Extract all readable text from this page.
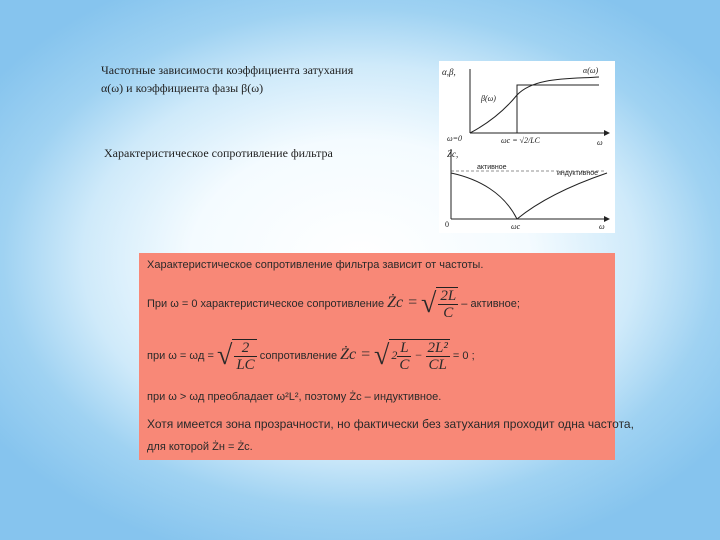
Частотные зависимости коэффициента затухания
α(ω) и коэффициента фазы β(ω)
Характеристическое сопротивление фильтра
α,β,	α(ω)
β(ω)
ω=0	ωc = √2/LC	ω
Zc,
активное
индуктивное
0	ωc	ω
Характеристическое сопротивление фильтра зависит от частоты.
При ω = 0 характеристическое сопротивление Żc = √ $\frac{2L}{C}$ – активное;
при ω = ωд = √ $\frac{2}{LC}$ сопротивление Żc = √ $2 \frac{L}{C} - \frac{\text{2L²}}{CL} = 0$ ;
при ω > ωд преобладает ω²L², поэтому Żc – индуктивное.
Хотя имеется зона прозрачности, но фактически без затухания проходит одна частота,
для которой Żн = Żc.
